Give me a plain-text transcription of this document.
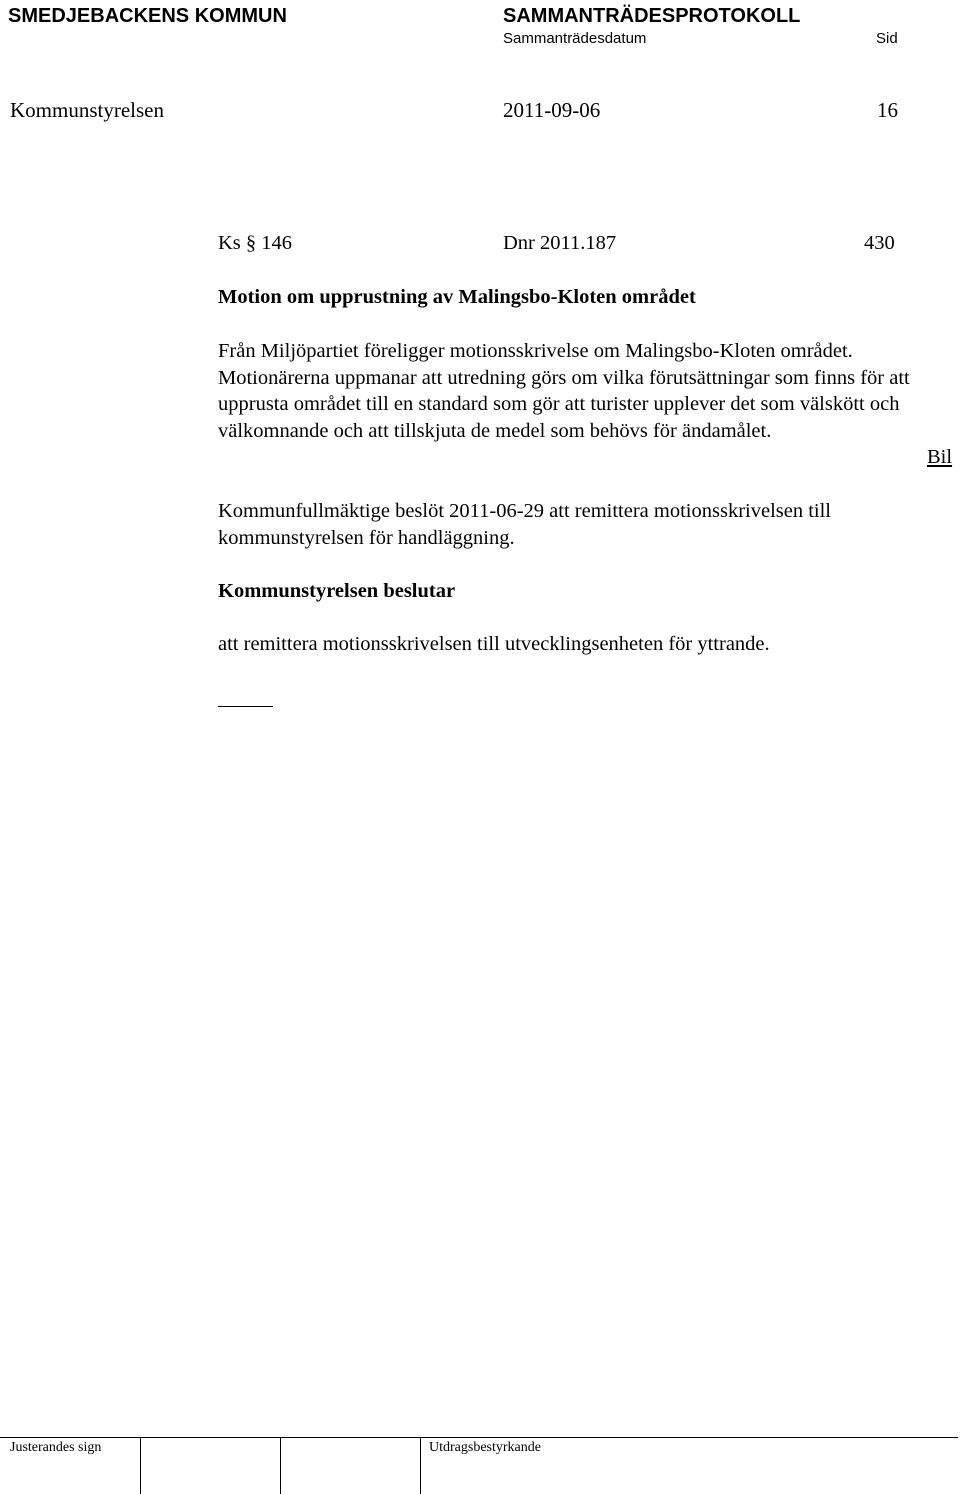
SMEDJEBACKENS KOMMUN	SAMMANTRÄDESPROTOKOLL
Sammanträdesdatum	Sid
Kommunstyrelsen	2011-09-06	16
Ks § 146	Dnr 2011.187	430
Motion om upprustning av Malingsbo-Kloten området
Från Miljöpartiet föreligger motionsskrivelse om Malingsbo-Kloten området. Motionärerna uppmanar att utredning görs om vilka förutsättningar som finns för att upprusta området till en standard som gör att turister upplever det som välskött och välkomnande och att tillskjuta de medel som behövs för ändamålet.
Bil
Kommunfullmäktige beslöt 2011-06-29 att remittera motionsskrivelsen till kommunstyrelsen för handläggning.
Kommunstyrelsen beslutar
att remittera motionsskrivelsen till utvecklingsenheten för yttrande.
Justerandes sign	Utdragsbestyrkande
